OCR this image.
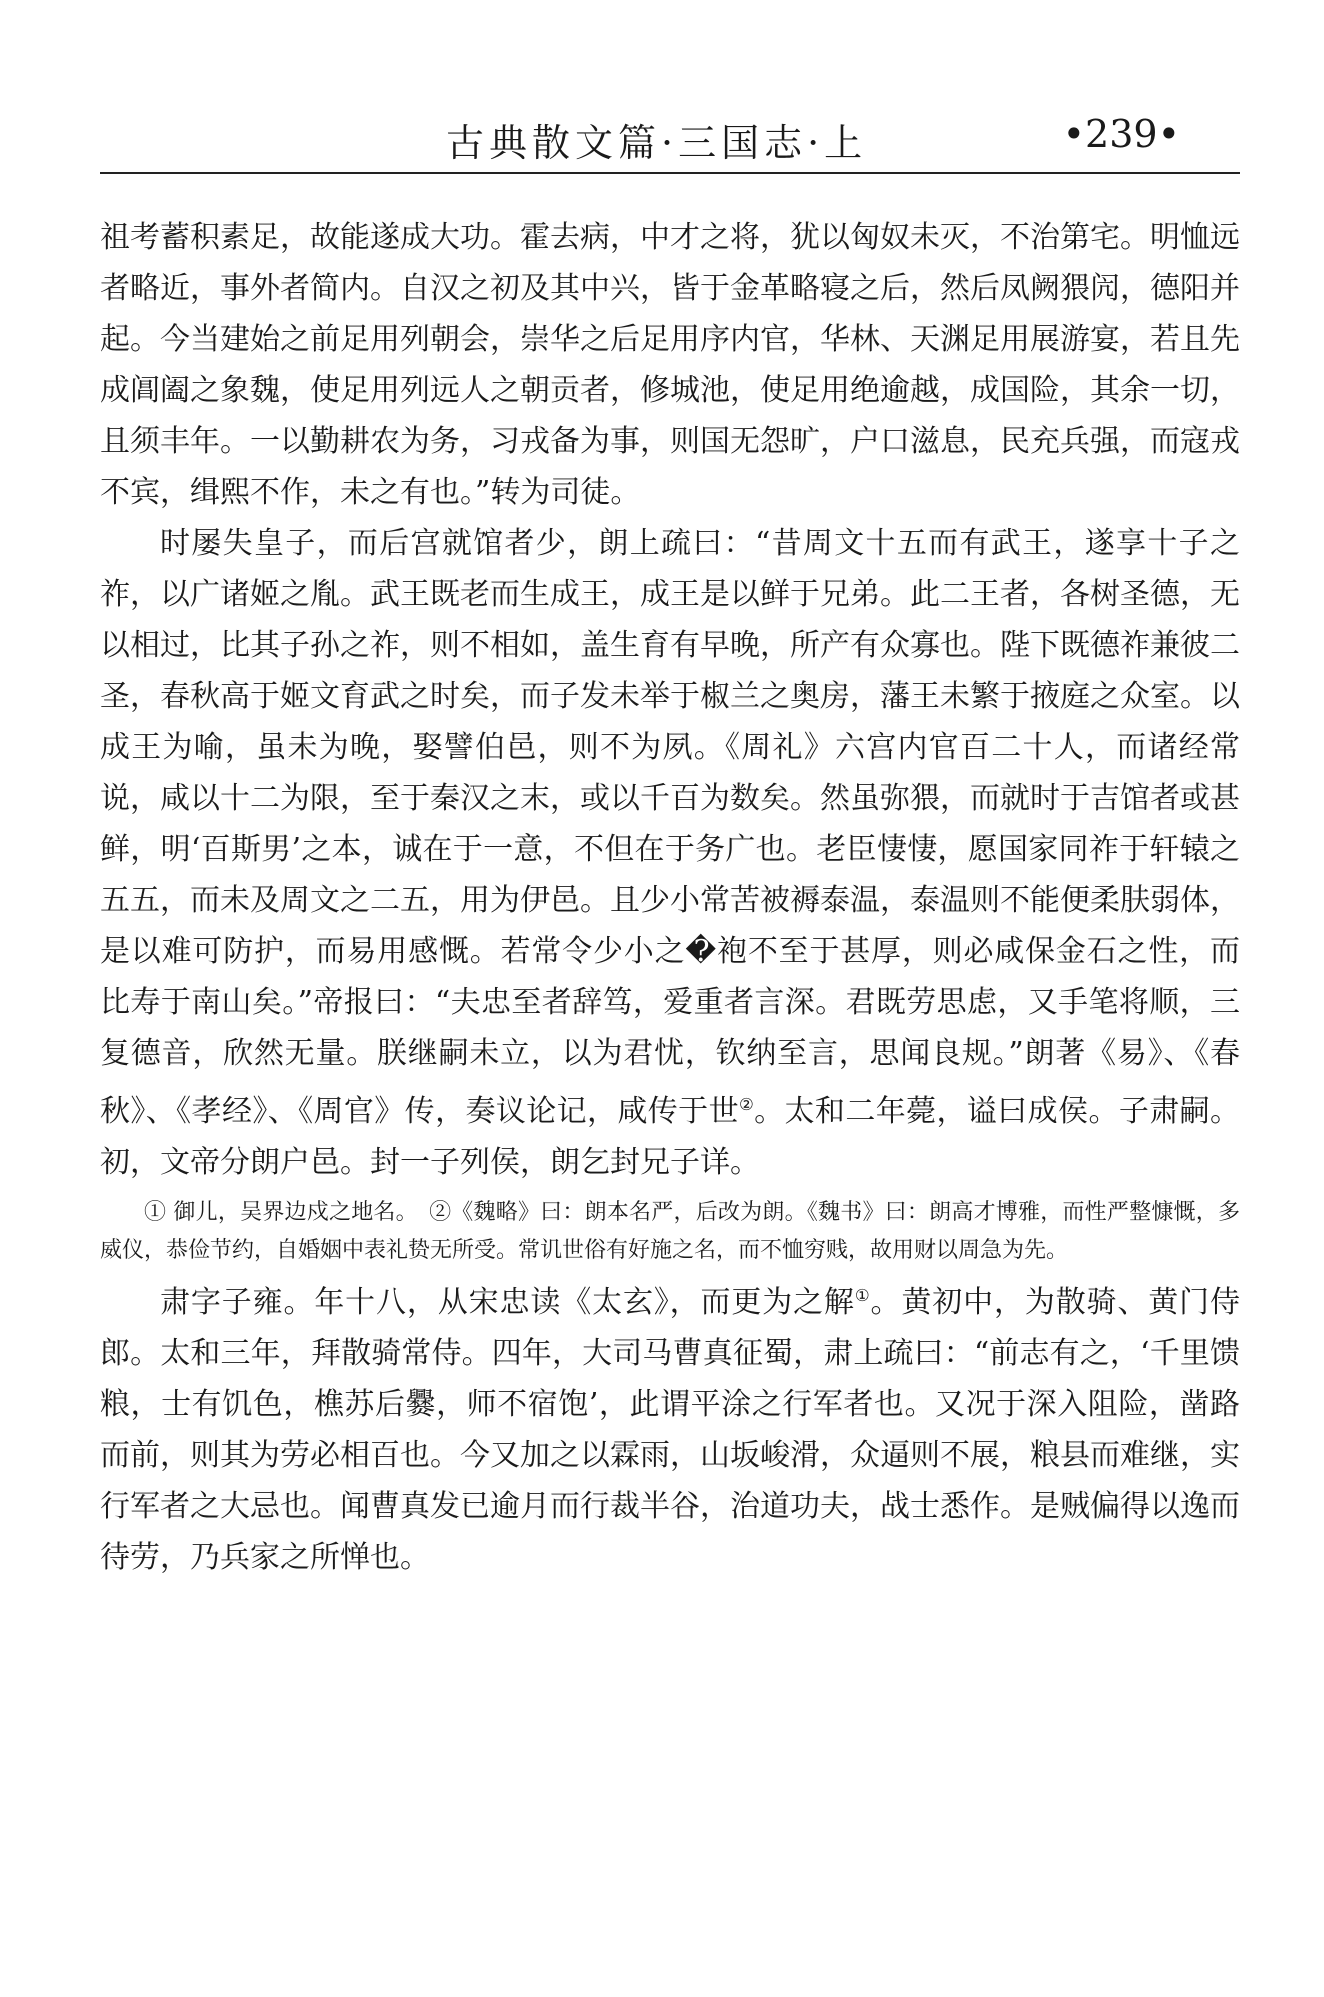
古典散文篇·三国志·上	•239•

祖考蓄积素足，故能遂成大功。霍去病，中才之将，犹以匈奴未灭，不治第宅。明恤远者略近，事外者简内。自汉之初及其中兴，皆于金革略寝之后，然后凤阙猥闶，德阳并起。今当建始之前足用列朝会，崇华之后足用序内官，华林、天渊足用展游宴，若且先成阊阖之象魏，使足用列远人之朝贡者，修城池，使足用绝逾越，成国险，其余一切，且须丰年。一以勤耕农为务，习戎备为事，则国无怨旷，户口滋息，民充兵强，而寇戎不宾，缉熙不作，未之有也。”转为司徒。

时屡失皇子，而后宫就馆者少，朗上疏曰：“昔周文十五而有武王，遂享十子之祚，以广诸姬之胤。武王既老而生成王，成王是以鲜于兄弟。此二王者，各树圣德，无以相过，比其子孙之祚，则不相如，盖生育有早晚，所产有众寡也。陛下既德祚兼彼二圣，春秋高于姬文育武之时矣，而子发未举于椒兰之奥房，藩王未繁于掖庭之众室。以成王为喻，虽未为晚，娶譬伯邑，则不为夙。《周礼》六宫内官百二十人，而诸经常说，咸以十二为限，至于秦汉之末，或以千百为数矣。然虽弥猥，而就时于吉馆者或甚鲜，明‘百斯男’之本，诚在于一意，不但在于务广也。老臣悽悽，愿国家同祚于轩辕之五五，而未及周文之二五，用为伊邑。且少小常苦被褥泰温，泰温则不能便柔肤弱体，是以难可防护，而易用感慨。若常令少小之�袍不至于甚厚，则必咸保金石之性，而比寿于南山矣。”帝报曰：“夫忠至者辞笃，爱重者言深。君既劳思虑，又手笔将顺，三复德音，欣然无量。朕继嗣未立，以为君忧，钦纳至言，思闻良规。”朗著《易》、《春秋》、《孝经》、《周官》传，奏议论记，咸传于世②。太和二年薨，谥曰成侯。子肃嗣。初，文帝分朗户邑。封一子列侯，朗乞封兄子详。

① 御儿，吴界边戍之地名。　②《魏略》曰：朗本名严，后改为朗。《魏书》曰：朗高才博雅，而性严整慷慨，多威仪，恭俭节约，自婚姻中表礼贽无所受。常讥世俗有好施之名，而不恤穷贱，故用财以周急为先。

肃字子雍。年十八，从宋忠读《太玄》，而更为之解①。黄初中，为散骑、黄门侍郎。太和三年，拜散骑常侍。四年，大司马曹真征蜀，肃上疏曰：“前志有之，‘千里馈粮，士有饥色，樵苏后爨，师不宿饱’，此谓平涂之行军者也。又况于深入阻险，凿路而前，则其为劳必相百也。今又加之以霖雨，山坂峻滑，众逼则不展，粮县而难继，实行军者之大忌也。闻曹真发已逾月而行裁半谷，治道功夫，战士悉作。是贼偏得以逸而待劳，乃兵家之所惮也。
